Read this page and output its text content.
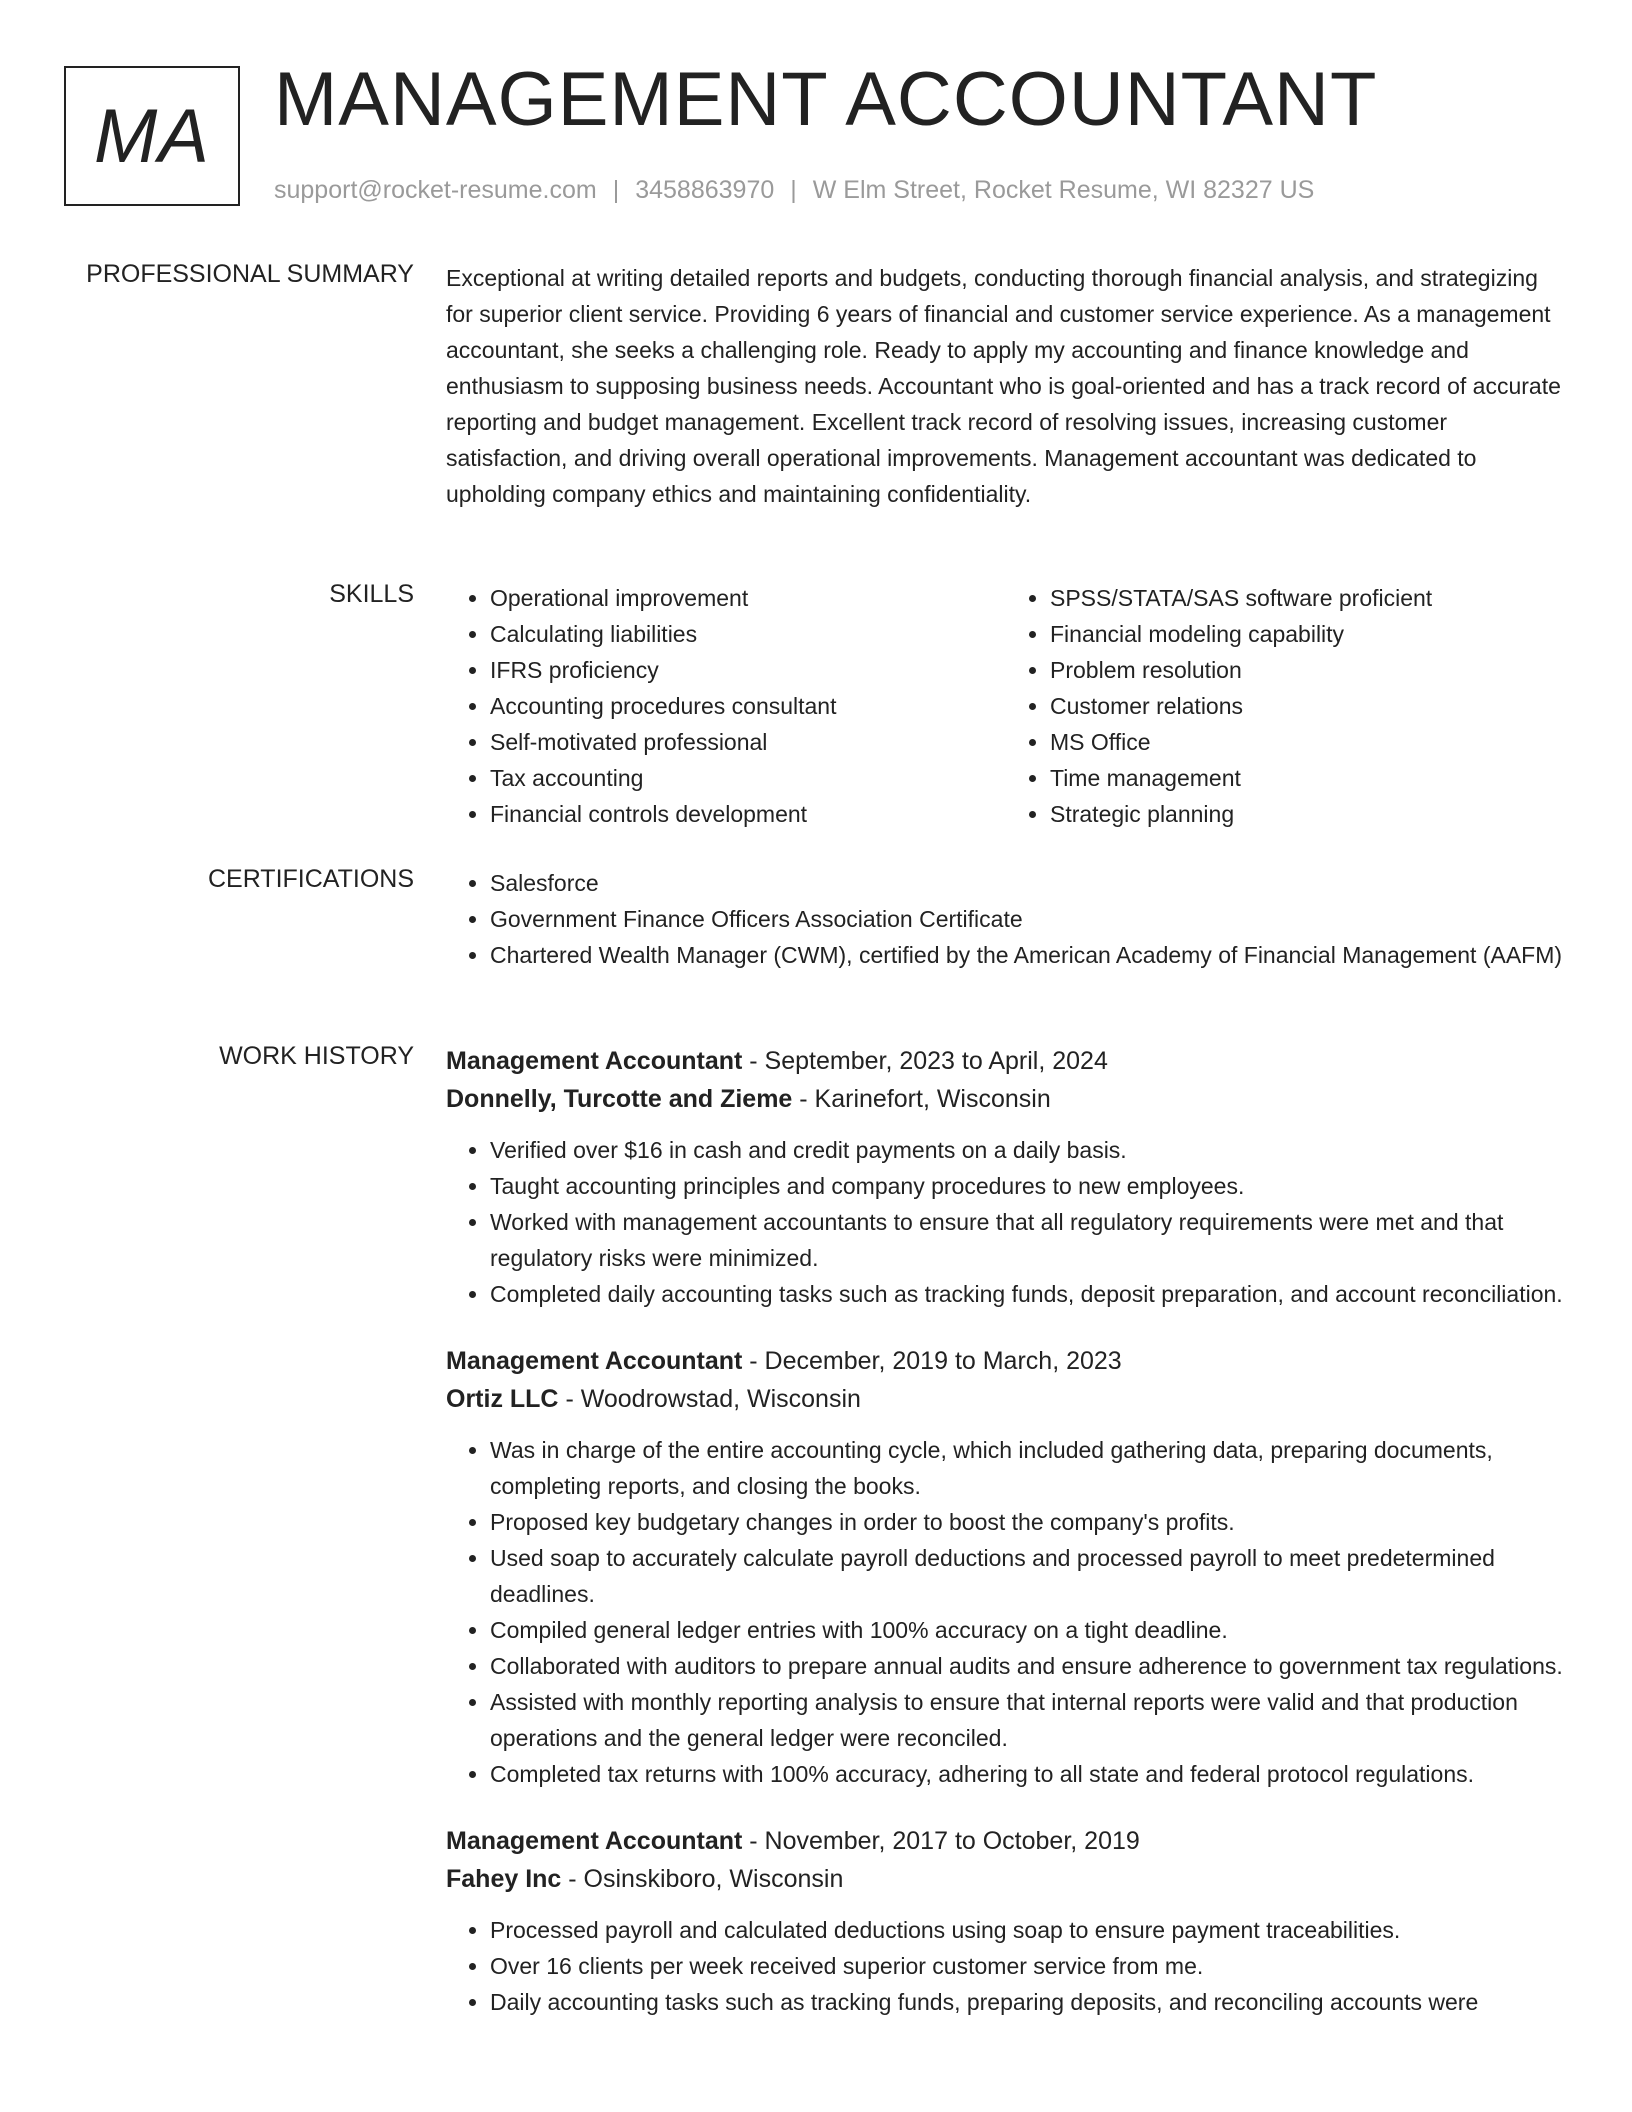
MA MANAGEMENT ACCOUNTANT
support@rocket-resume.com | 3458863970 | W Elm Street, Rocket Resume, WI 82327 US
PROFESSIONAL SUMMARY Exceptional at writing detailed reports and budgets, conducting thorough financial analysis, and strategizing for superior client service. Providing 6 years of financial and customer service experience. As a management accountant, she seeks a challenging role. Ready to apply my accounting and finance knowledge and enthusiasm to supposing business needs. Accountant who is goal-oriented and has a track record of accurate reporting and budget management. Excellent track record of resolving issues, increasing customer satisfaction, and driving overall operational improvements. Management accountant was dedicated to upholding company ethics and maintaining confidentiality.

SKILLS	• Operational improvement
• Calculating liabilities
• IFRS proficiency
• Accounting procedures consultant
• Self-motivated professional
• Tax accounting
• Financial controls development
• SPSS/STATA/SAS software proficient
• Financial modeling capability
• Problem resolution
• Customer relations
• MS Office
• Time management
• Strategic planning
CERTIFICATIONS	• Salesforce
• Government Finance Officers Association Certificate
• Chartered Wealth Manager (CWM), certified by the American Academy of Financial Management (AAFM)
WORK HISTORY Management Accountant - September, 2023 to April, 2024
Donnelly, Turcotte and Zieme - Karinefort, Wisconsin
• Verified over $16 in cash and credit payments on a daily basis.
• Taught accounting principles and company procedures to new employees.
• Worked with management accountants to ensure that all regulatory requirements were met and that regulatory risks were minimized.
• Completed daily accounting tasks such as tracking funds, deposit preparation, and account reconciliation.
Management Accountant - December, 2019 to March, 2023
Ortiz LLC - Woodrowstad, Wisconsin
• Was in charge of the entire accounting cycle, which included gathering data, preparing documents, completing reports, and closing the books.
• Proposed key budgetary changes in order to boost the company's profits.
• Used soap to accurately calculate payroll deductions and processed payroll to meet predetermined deadlines.
• Compiled general ledger entries with 100% accuracy on a tight deadline.
• Collaborated with auditors to prepare annual audits and ensure adherence to government tax regulations.
• Assisted with monthly reporting analysis to ensure that internal reports were valid and that production operations and the general ledger were reconciled.
• Completed tax returns with 100% accuracy, adhering to all state and federal protocol regulations.
Management Accountant - November, 2017 to October, 2019
Fahey Inc - Osinskiboro, Wisconsin
• Processed payroll and calculated deductions using soap to ensure payment traceabilities.
• Over 16 clients per week received superior customer service from me.
• Daily accounting tasks such as tracking funds, preparing deposits, and reconciling accounts were
